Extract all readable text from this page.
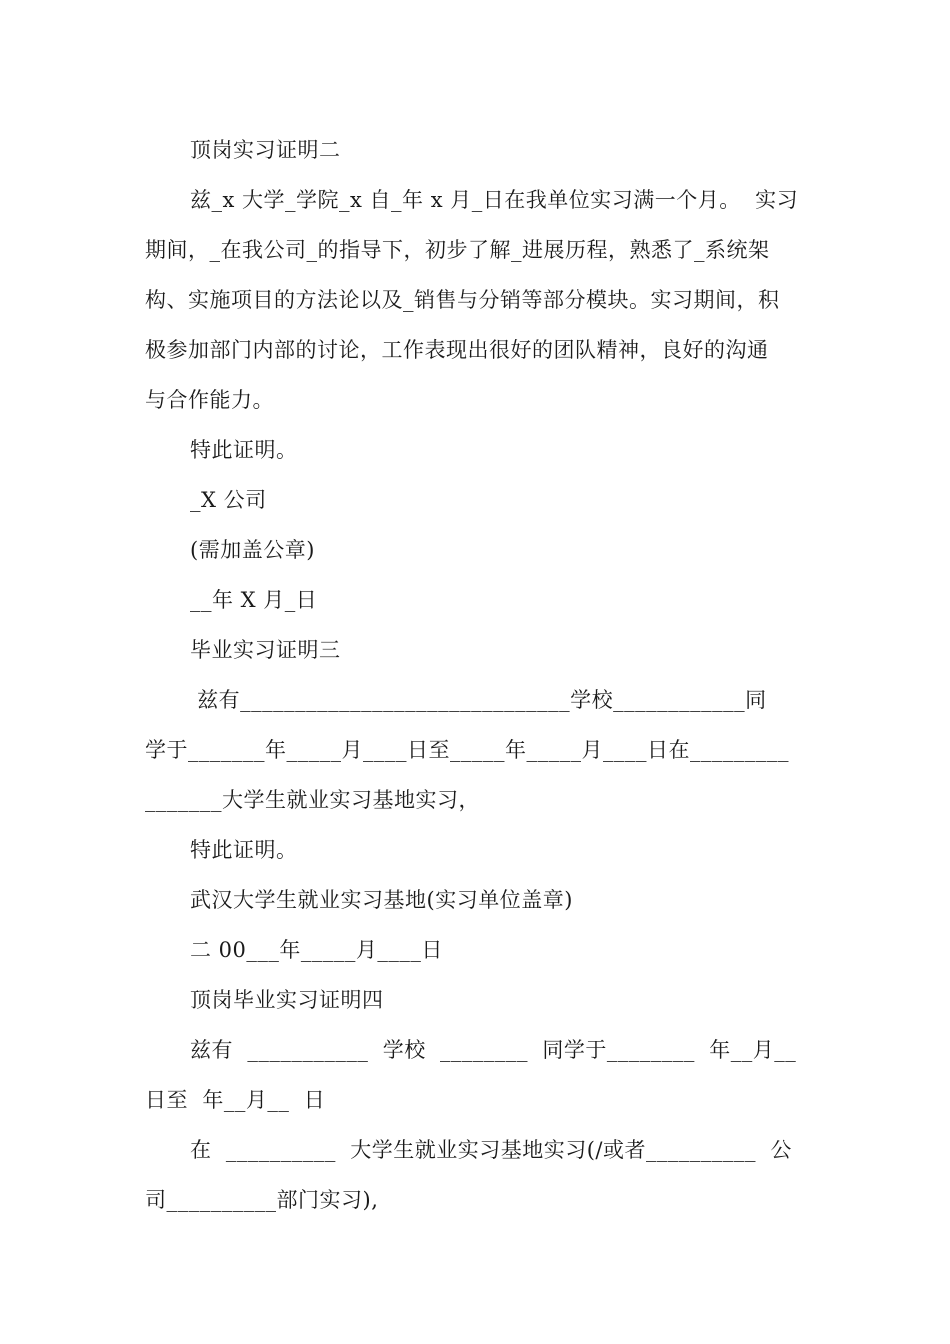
顶岗实习证明二
兹_x 大学_学院_x 自_年 x 月_日在我单位实习满一个月。  实习
期间，_在我公司_的指导下，初步了解_进展历程，熟悉了_系统架
构、实施项目的方法论以及_销售与分销等部分模块。实习期间，积
极参加部门内部的讨论，工作表现出很好的团队精神，良好的沟通
与合作能力。
特此证明。
_X 公司
(需加盖公章)
__年 X 月_日
毕业实习证明三
兹有______________________________学校____________同
学于_______年_____月____日至_____年_____月____日在_________
_______大学生就业实习基地实习，
特此证明。
武汉大学生就业实习基地(实习单位盖章)
二 00___年_____月____日
顶岗毕业实习证明四
兹有  ___________  学校  ________  同学于________  年__月__
日至  年__月__  日
在  __________  大学生就业实习基地实习(/或者__________  公
司__________部门实习),
